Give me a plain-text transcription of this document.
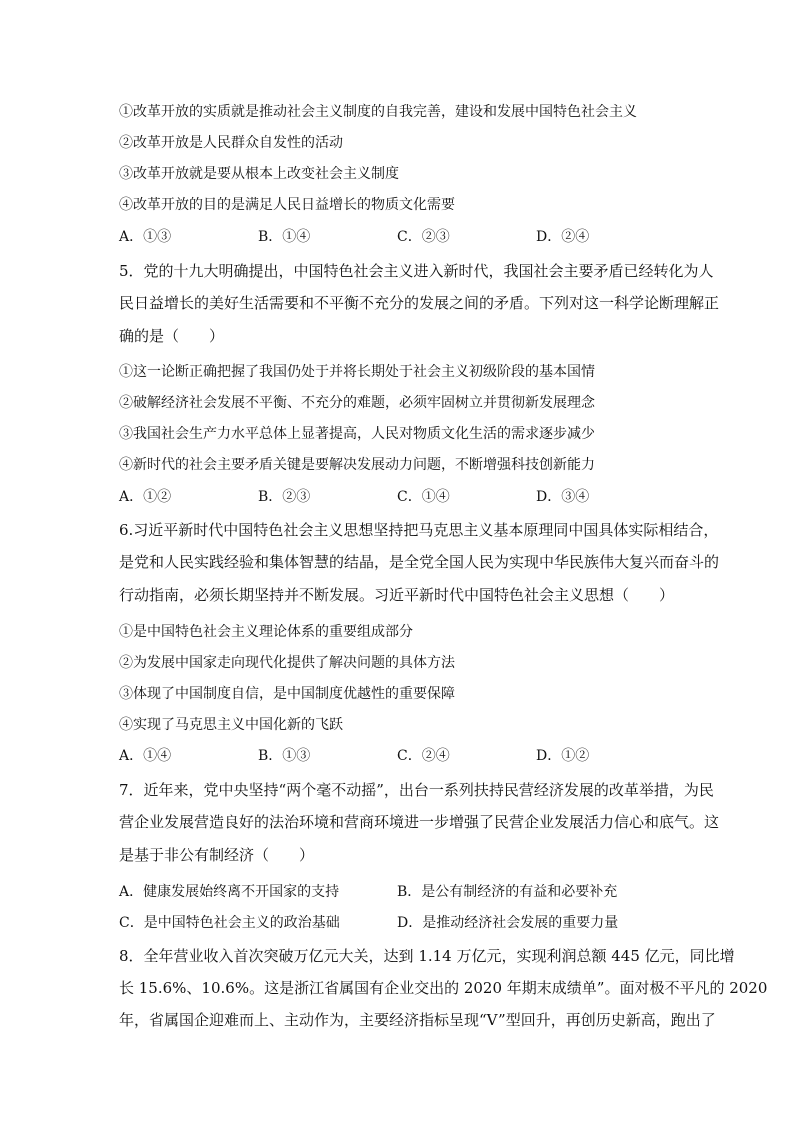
①改革开放的实质就是推动社会主义制度的自我完善，建设和发展中国特色社会主义
②改革开放是人民群众自发性的活动
③改革开放就是要从根本上改变社会主义制度
④改革开放的目的是满足人民日益增长的物质文化需要
A．①③	B．①④	C．②③	D．②④
5．党的十九大明确提出，中国特色社会主义进入新时代，我国社会主要矛盾已经转化为人
民日益增长的美好生活需要和不平衡不充分的发展之间的矛盾。下列对这一科学论断理解正
确的是（　　）
①这一论断正确把握了我国仍处于并将长期处于社会主义初级阶段的基本国情
②破解经济社会发展不平衡、不充分的难题，必须牢固树立并贯彻新发展理念
③我国社会生产力水平总体上显著提高，人民对物质文化生活的需求逐步减少
④新时代的社会主要矛盾关键是要解决发展动力问题，不断增强科技创新能力
A．①②	B．②③	C．①④	D．③④
6.习近平新时代中国特色社会主义思想坚持把马克思主义基本原理同中国具体实际相结合，
是党和人民实践经验和集体智慧的结晶，是全党全国人民为实现中华民族伟大复兴而奋斗的
行动指南，必须长期坚持并不断发展。习近平新时代中国特色社会主义思想（　　）
①是中国特色社会主义理论体系的重要组成部分
②为发展中国家走向现代化提供了解决问题的具体方法
③体现了中国制度自信，是中国制度优越性的重要保障
④实现了马克思主义中国化新的飞跃
A．①④	B．①③	C．②④	D．①②
7．近年来，党中央坚持“两个毫不动摇”，出台一系列扶持民营经济发展的改革举措，为民
营企业发展营造良好的法治环境和营商环境进一步增强了民营企业发展活力信心和底气。这
是基于非公有制经济（　　）
A．健康发展始终离不开国家的支持	B．是公有制经济的有益和必要补充
C．是中国特色社会主义的政治基础	D．是推动经济社会发展的重要力量
8．全年营业收入首次突破万亿元大关，达到 1.14 万亿元，实现利润总额 445 亿元，同比增
长 15.6%、10.6%。这是浙江省属国有企业交出的 2020 年期末成绩单”。面对极不平凡的 2020
年，省属国企迎难而上、主动作为，主要经济指标呈现“V”型回升，再创历史新高，跑出了
